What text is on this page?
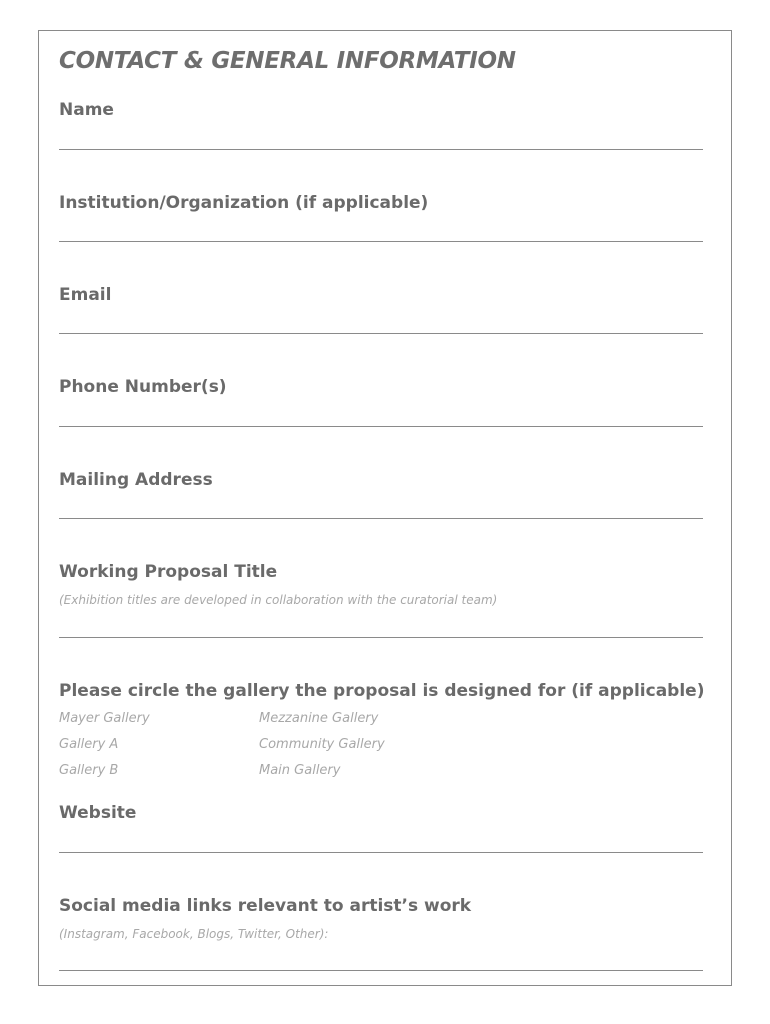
CONTACT & GENERAL INFORMATION
Name
Institution/Organization (if applicable)
Email
Phone Number(s)
Mailing Address
Working Proposal Title
(Exhibition titles are developed in collaboration with the curatorial team)
Please circle the gallery the proposal is designed for (if applicable)
Mayer Gallery
Gallery A
Gallery B
Mezzanine Gallery
Community Gallery
Main Gallery
Website
Social media links relevant to artist’s work
(Instagram, Facebook, Blogs, Twitter, Other):
